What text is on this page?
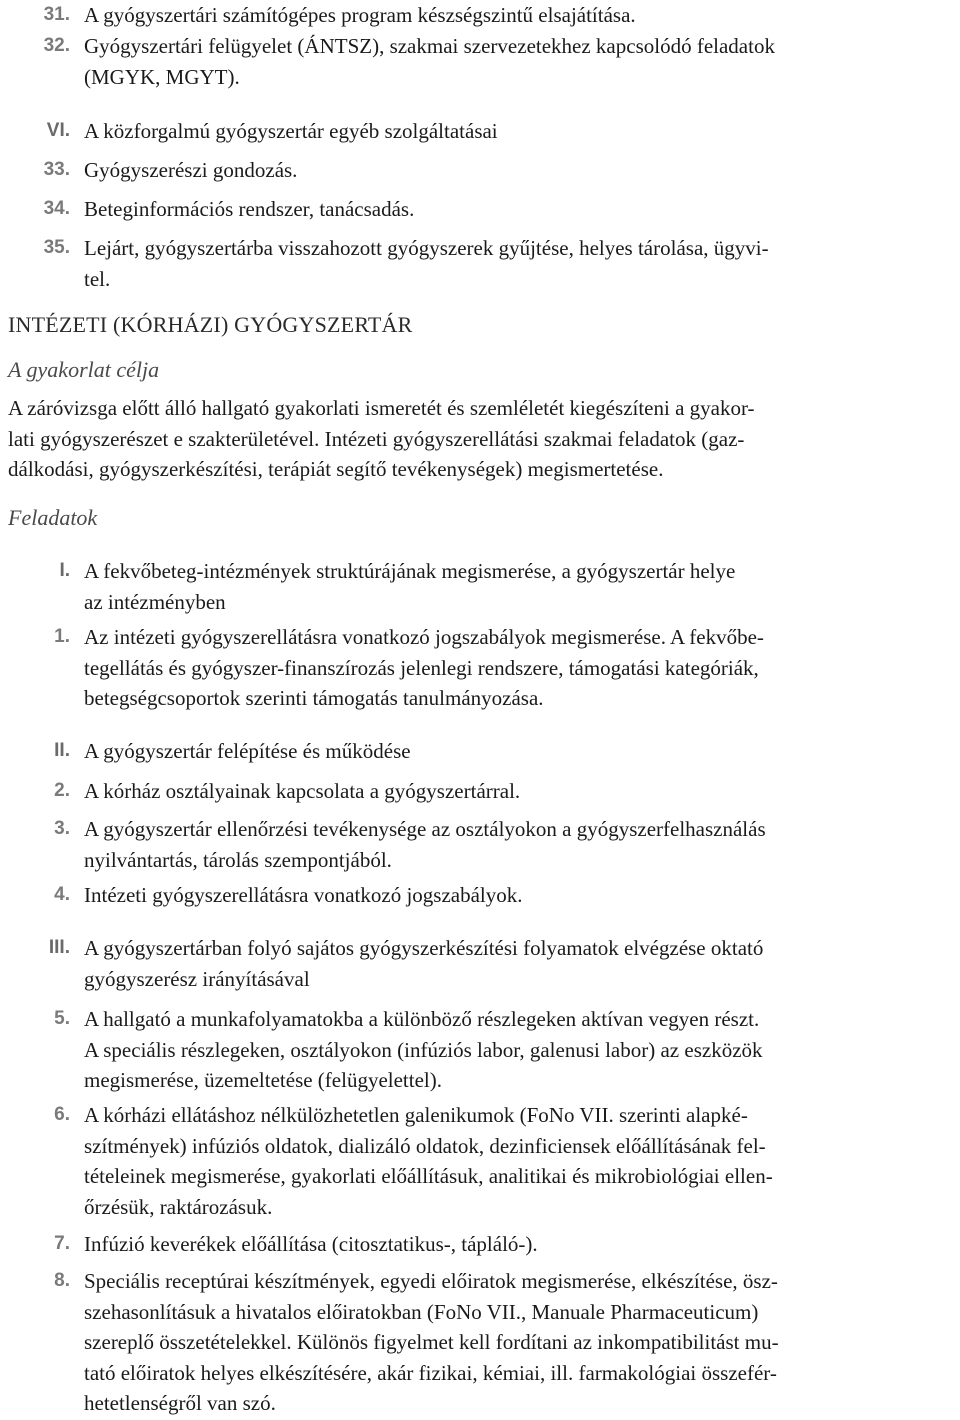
31. A gyógyszertári számítógépes program készségszintű elsajátítása.
32. Gyógyszertári felügyelet (ÁNTSZ), szakmai szervezetekhez kapcsolódó feladatok
(MGYK, MGYT).
VI. A közforgalmú gyógyszertár egyéb szolgáltatásai
33. Gyógyszerészi gondozás.
34. Beteginformációs rendszer, tanácsadás.
35. Lejárt, gyógyszertárba visszahozott gyógyszerek gyűjtése, helyes tárolása, ügyvi-
tel.
INTÉZETI (KÓRHÁZI) GYÓGYSZERTÁR
A gyakorlat célja
A záróvizsga előtt álló hallgató gyakorlati ismeretét és szemléletét kiegészíteni a gyakor-
lati gyógyszerészet e szakterületével. Intézeti gyógyszerellátási szakmai feladatok (gaz-
dálkodási, gyógyszerkészítési, terápiát segítő tevékenységek) megismertetése.
Feladatok
I. A fekvőbeteg-intézmények struktúrájának megismerése, a gyógyszertár helye
az intézményben
1. Az intézeti gyógyszerellátásra vonatkozó jogszabályok megismerése. A fekvőbe-
tegellátás és gyógyszer-finanszírozás jelenlegi rendszere, támogatási kategóriák,
betegségcsoportok szerinti támogatás tanulmányozása.
II. A gyógyszertár felépítése és működése
2. A kórház osztályainak kapcsolata a gyógyszertárral.
3. A gyógyszertár ellenőrzési tevékenysége az osztályokon a gyógyszerfelhasználás
nyilvántartás, tárolás szempontjából.
4. Intézeti gyógyszerellátásra vonatkozó jogszabályok.
III. A gyógyszertárban folyó sajátos gyógyszerkészítési folyamatok elvégzése oktató
gyógyszerész irányításával
5. A hallgató a munkafolyamatokba a különböző részlegeken aktívan vegyen részt.
A speciális részlegeken, osztályokon (infúziós labor, galenusi labor) az eszközök
megismerése, üzemeltetése (felügyelettel).
6. A kórházi ellátáshoz nélkülözhetetlen galenikumok (FoNo VII. szerinti alapké-
szítmények) infúziós oldatok, dializáló oldatok, dezinficiensek előállításának fel-
tételeinek megismerése, gyakorlati előállításuk, analitikai és mikrobiológiai ellen-
őrzésük, raktározásuk.
7. Infúzió keverékek előállítása (citosztatikus-, tápláló-).
8. Speciális receptúrai készítmények, egyedi előiratok megismerése, elkészítése, ösz-
szehasonlításuk a hivatalos előiratokban (FoNo VII., Manuale Pharmaceuticum)
szereplő összetételekkel. Különös figyelmet kell fordítani az inkompatibilitást mu-
tató előiratok helyes elkészítésére, akár fizikai, kémiai, ill. farmakológiai összefér-
hetetlenségről van szó.
